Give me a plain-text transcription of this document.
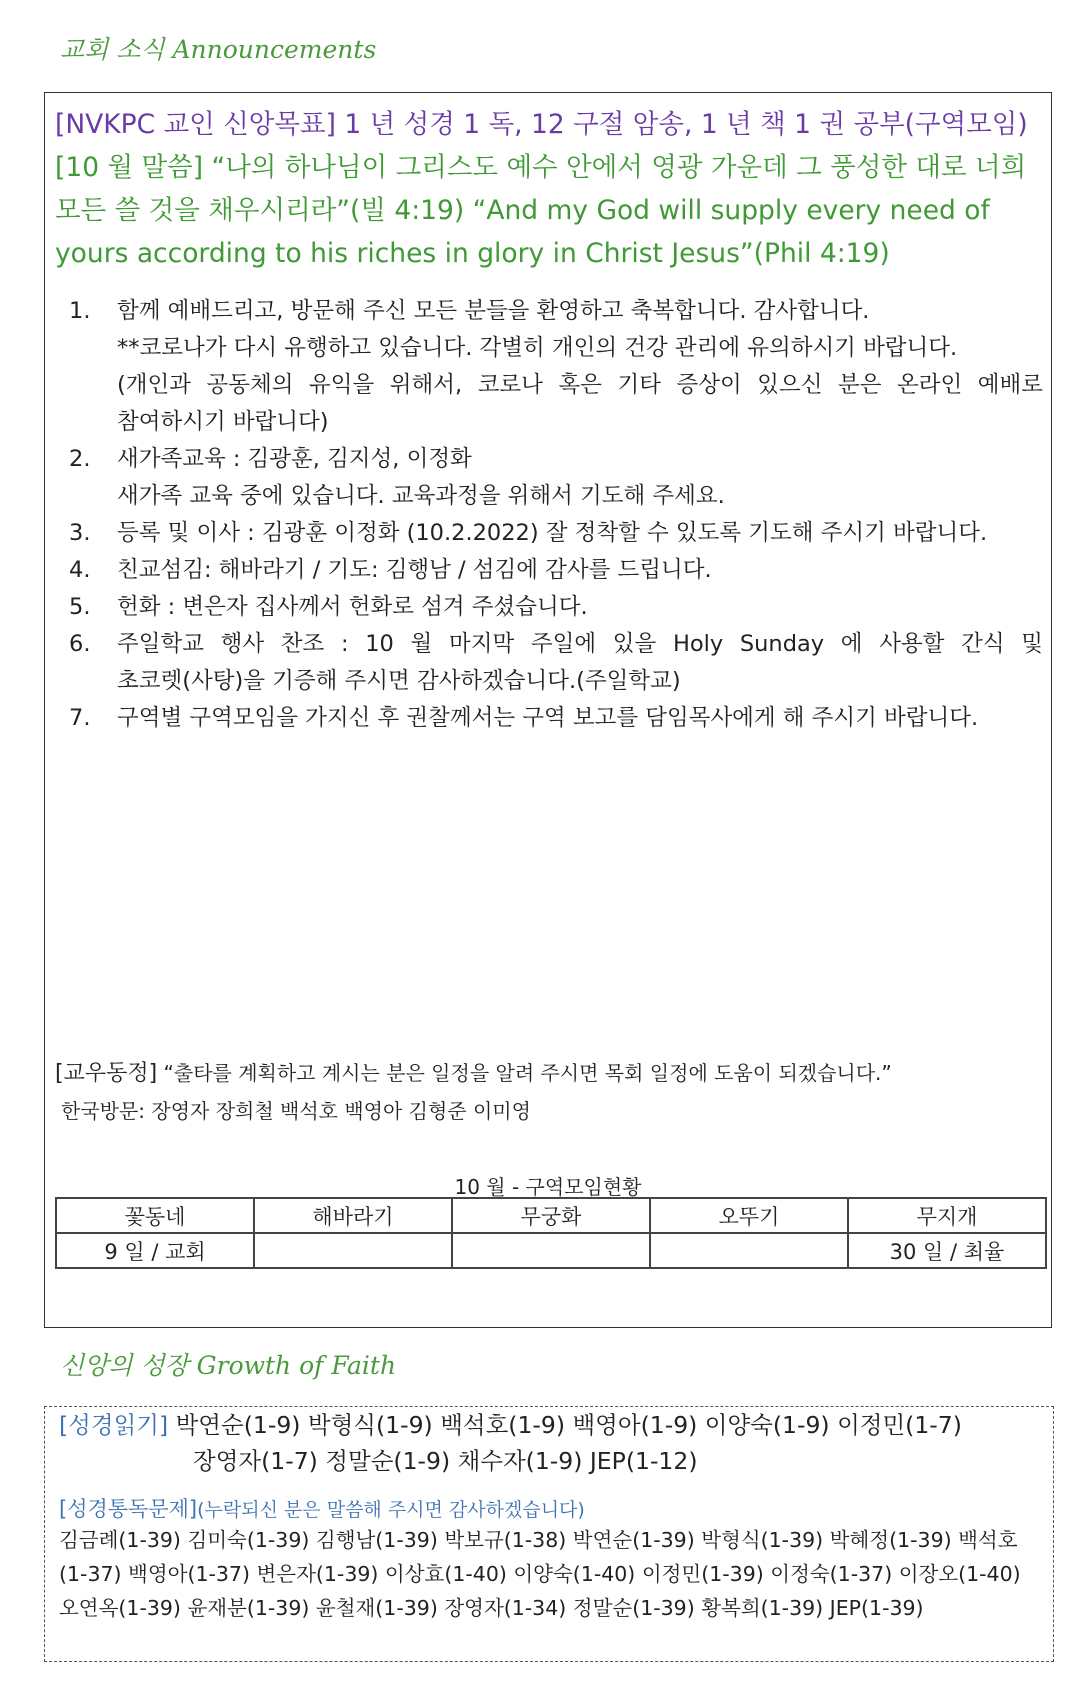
교회 소식 Announcements
[NVKPC 교인 신앙목표] 1 년 성경 1 독, 12 구절 암송, 1 년 책 1 권 공부(구역모임)
[10 월 말씀] “나의 하나님이 그리스도 예수 안에서 영광 가운데 그 풍성한 대로 너희 모든 쓸 것을 채우시리라”(빌 4:19) “And my God will supply every need of yours according to his riches in glory in Christ Jesus”(Phil 4:19)
1. 함께 예배드리고, 방문해 주신 모든 분들을 환영하고 축복합니다. 감사합니다.
**코로나가 다시 유행하고 있습니다. 각별히 개인의 건강 관리에 유의하시기 바랍니다.
(개인과 공동체의 유익을 위해서, 코로나 혹은 기타 증상이 있으신 분은 온라인 예배로
참여하시기 바랍니다)
2. 새가족교육 : 김광훈, 김지성, 이정화
새가족 교육 중에 있습니다. 교육과정을 위해서 기도해 주세요.
3. 등록 및 이사 : 김광훈 이정화 (10.2.2022) 잘 정착할 수 있도록 기도해 주시기 바랍니다.
4. 친교섬김: 해바라기 / 기도: 김행남 / 섬김에 감사를 드립니다.
5. 헌화 : 변은자 집사께서 헌화로 섬겨 주셨습니다.
6. 주일학교 행사 찬조 : 10 월 마지막 주일에 있을 Holy Sunday 에 사용할 간식 및
초코렛(사탕)을 기증해 주시면 감사하겠습니다.(주일학교)
7. 구역별 구역모임을 가지신 후 권찰께서는 구역 보고를 담임목사에게 해 주시기 바랍니다.
[교우동정] “출타를 계획하고 계시는 분은 일정을 알려 주시면 목회 일정에 도움이 되겠습니다.”
한국방문: 장영자 장희철 백석호 백영아 김형준 이미영
10 월 - 구역모임현황
꽃동네	해바라기	무궁화	오뚜기	무지개
9 일 / 교회				30 일 / 최율
신앙의 성장 Growth of Faith
[성경읽기] 박연순(1-9) 박형식(1-9) 백석호(1-9) 백영아(1-9) 이양숙(1-9) 이정민(1-7)
장영자(1-7) 정말순(1-9) 채수자(1-9) JEP(1-12)
[성경통독문제](누락되신 분은 말씀해 주시면 감사하겠습니다)
김금례(1-39) 김미숙(1-39) 김행남(1-39) 박보규(1-38) 박연순(1-39) 박형식(1-39) 박혜정(1-39) 백석호(1-37) 백영아(1-37) 변은자(1-39) 이상효(1-40) 이양숙(1-40) 이정민(1-39) 이정숙(1-37) 이장오(1-40) 오연옥(1-39) 윤재분(1-39) 윤철재(1-39) 장영자(1-34) 정말순(1-39) 황복희(1-39) JEP(1-39)
